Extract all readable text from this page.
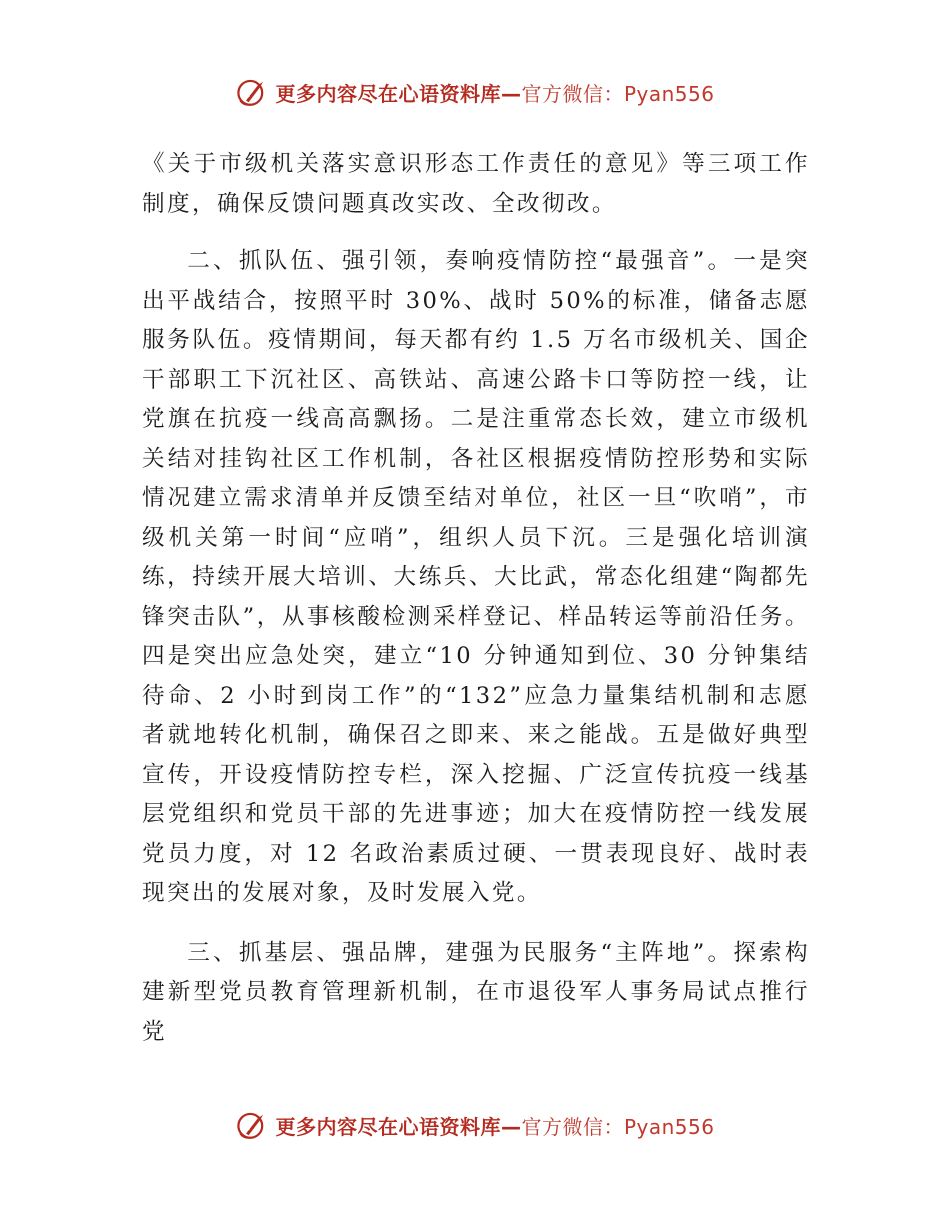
更多内容尽在心语资料库—官方微信：Pyan556

《关于市级机关落实意识形态工作责任的意见》等三项工作制度，确保反馈问题真改实改、全改彻改。

二、抓队伍、强引领，奏响疫情防控“最强音”。一是突出平战结合，按照平时 30%、战时 50%的标准，储备志愿服务队伍。疫情期间，每天都有约 1.5 万名市级机关、国企干部职工下沉社区、高铁站、高速公路卡口等防控一线，让党旗在抗疫一线高高飘扬。二是注重常态长效，建立市级机关结对挂钩社区工作机制，各社区根据疫情防控形势和实际情况建立需求清单并反馈至结对单位，社区一旦“吹哨”，市级机关第一时间“应哨”，组织人员下沉。三是强化培训演练，持续开展大培训、大练兵、大比武，常态化组建“陶都先锋突击队”，从事核酸检测采样登记、样品转运等前沿任务。四是突出应急处突，建立“10 分钟通知到位、30 分钟集结待命、2 小时到岗工作”的“132”应急力量集结机制和志愿者就地转化机制，确保召之即来、来之能战。五是做好典型宣传，开设疫情防控专栏，深入挖掘、广泛宣传抗疫一线基层党组织和党员干部的先进事迹；加大在疫情防控一线发展党员力度，对 12 名政治素质过硬、一贯表现良好、战时表现突出的发展对象，及时发展入党。

三、抓基层、强品牌，建强为民服务“主阵地”。探索构建新型党员教育管理新机制，在市退役军人事务局试点推行党

更多内容尽在心语资料库—官方微信：Pyan556
